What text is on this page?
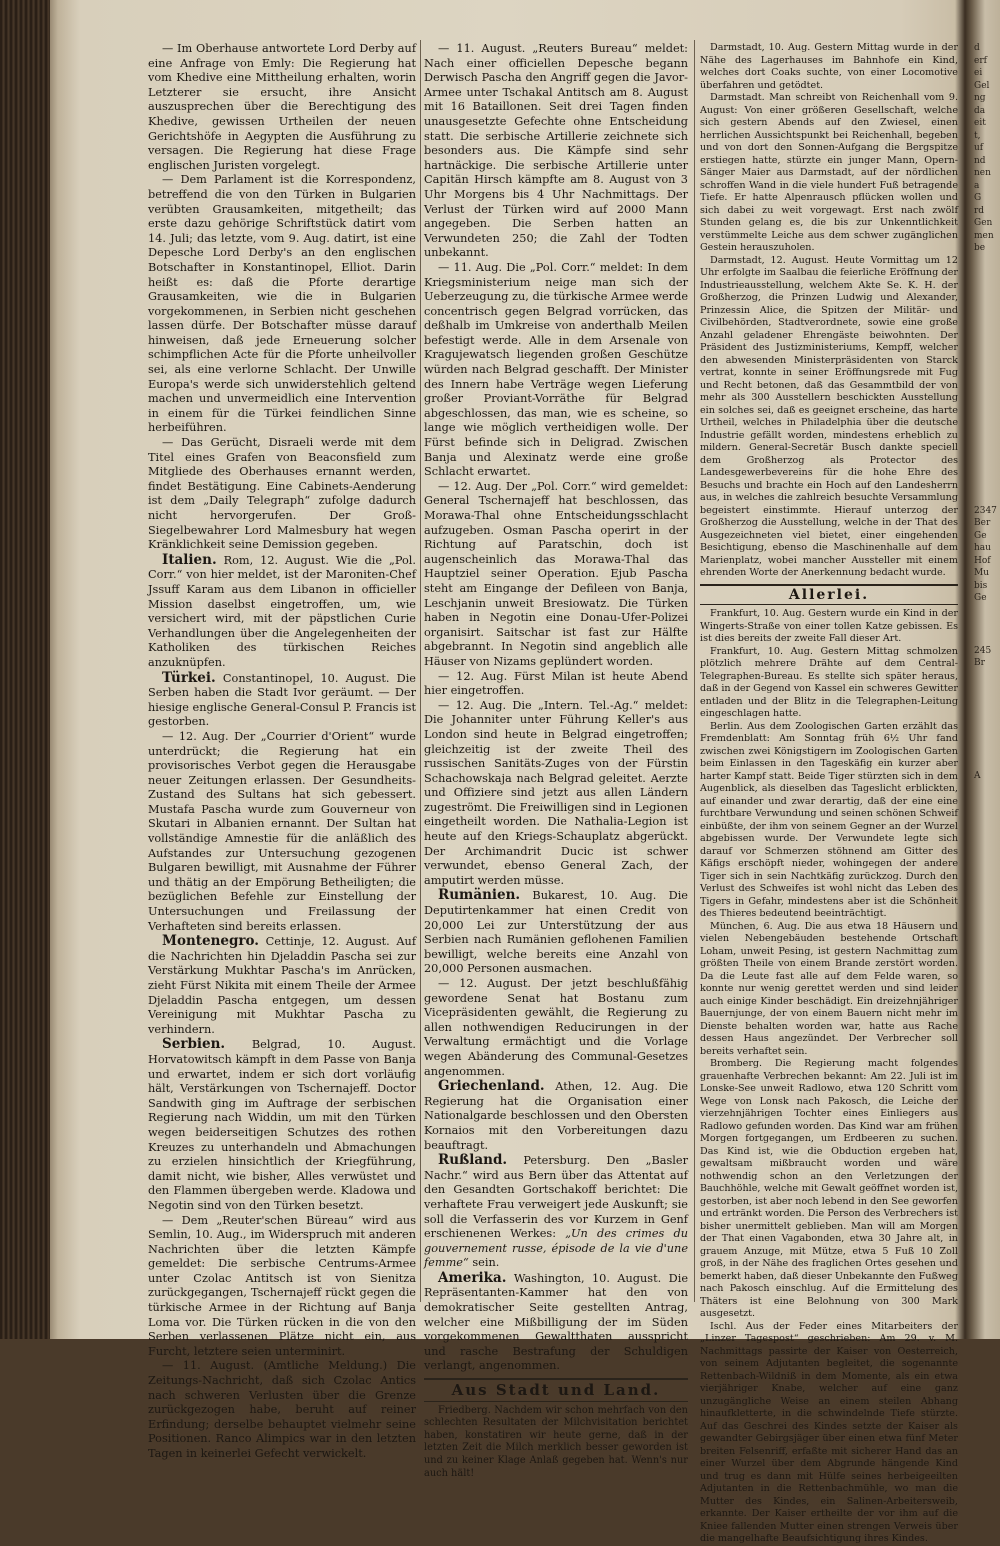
— Im Oberhause antwortete Lord Derby auf eine Anfrage von Emly: Die Regierung hat vom Khedive eine Mittheilung erhalten, worin Letzterer sie ersucht, ihre Ansicht auszusprechen über die Berechtigung des Khedive, gewissen Urtheilen der neuen Gerichtshöfe in Aegypten die Ausführung zu versagen. Die Regierung hat diese Frage englischen Juristen vorgelegt.

— Dem Parlament ist die Korrespondenz, betreffend die von den Türken in Bulgarien verübten Grausamkeiten, mitgetheilt; das erste dazu gehörige Schriftstück datirt vom 14. Juli; das letzte, vom 9. Aug. datirt, ist eine Depesche Lord Derby's an den englischen Botschafter in Konstantinopel, Elliot. Darin heißt es: daß die Pforte derartige Grausamkeiten, wie die in Bulgarien vorgekommenen, in Serbien nicht geschehen lassen dürfe. Der Botschafter müsse darauf hinweisen, daß jede Erneuerung solcher schimpflichen Acte für die Pforte unheilvoller sei, als eine verlorne Schlacht. Der Unwille Europa's werde sich unwiderstehlich geltend machen und unvermeidlich eine Intervention in einem für die Türkei feindlichen Sinne herbeiführen.

— Das Gerücht, Disraeli werde mit dem Titel eines Grafen von Beaconsfield zum Mitgliede des Oberhauses ernannt werden, findet Bestätigung. Eine Cabinets-Aenderung ist dem „Daily Telegraph“ zufolge dadurch nicht hervorgerufen. Der Groß-Siegelbewahrer Lord Malmesbury hat wegen Kränklichkeit seine Demission gegeben.

Italien. Rom, 12. August. Wie die „Pol. Corr.“ von hier meldet, ist der Maroniten-Chef Jssuff Karam aus dem Libanon in officieller Mission daselbst eingetroffen, um, wie versichert wird, mit der päpstlichen Curie Verhandlungen über die Angelegenheiten der Katholiken des türkischen Reiches anzuknüpfen.

Türkei. Constantinopel, 10. August. Die Serben haben die Stadt Ivor geräumt. — Der hiesige englische General-Consul P. Francis ist gestorben.

— 12. Aug. Der „Courrier d'Orient“ wurde unterdrückt; die Regierung hat ein provisorisches Verbot gegen die Herausgabe neuer Zeitungen erlassen. Der Gesundheits-Zustand des Sultans hat sich gebessert. Mustafa Pascha wurde zum Gouverneur von Skutari in Albanien ernannt. Der Sultan hat vollständige Amnestie für die anläßlich des Aufstandes zur Untersuchung gezogenen Bulgaren bewilligt, mit Ausnahme der Führer und thätig an der Empörung Betheiligten; die bezüglichen Befehle zur Einstellung der Untersuchungen und Freilassung der Verhafteten sind bereits erlassen.

Montenegro. Cettinje, 12. August. Auf die Nachrichten hin Djeladdin Pascha sei zur Verstärkung Mukhtar Pascha's im Anrücken, zieht Fürst Nikita mit einem Theile der Armee Djeladdin Pascha entgegen, um dessen Vereinigung mit Mukhtar Pascha zu verhindern.

Serbien. Belgrad, 10. August. Horvatowitsch kämpft in dem Passe von Banja und erwartet, indem er sich dort vorläufig hält, Verstärkungen von Tschernajeff. Doctor Sandwith ging im Auftrage der serbischen Regierung nach Widdin, um mit den Türken wegen beiderseitigen Schutzes des rothen Kreuzes zu unterhandeln und Abmachungen zu erzielen hinsichtlich der Kriegführung, damit nicht, wie bisher, Alles verwüstet und den Flammen übergeben werde. Kladowa und Negotin sind von den Türken besetzt.

— Dem „Reuter'schen Büreau“ wird aus Semlin, 10. Aug., im Widerspruch mit anderen Nachrichten über die letzten Kämpfe gemeldet: Die serbische Centrums-Armee unter Czolac Antitsch ist von Sienitza zurückgegangen, Tschernajeff rückt gegen die türkische Armee in der Richtung auf Banja Loma vor. Die Türken rücken in die von den Serben verlassenen Plätze nicht ein, aus Furcht, letztere seien unterminirt.

— 11. August. (Amtliche Meldung.) Die Zeitungs-Nachricht, daß sich Czolac Antics nach schweren Verlusten über die Grenze zurückgezogen habe, beruht auf reiner Erfindung; derselbe behauptet vielmehr seine Positionen. Ranco Alimpics war in den letzten Tagen in keinerlei Gefecht verwickelt.

— 11. August. „Reuters Bureau“ meldet: Nach einer officiellen Depesche begann Derwisch Pascha den Angriff gegen die Javor-Armee unter Tschakal Antitsch am 8. August mit 16 Bataillonen. Seit drei Tagen finden unausgesetzte Gefechte ohne Entscheidung statt. Die serbische Artillerie zeichnete sich besonders aus. Die Kämpfe sind sehr hartnäckige. Die serbische Artillerie unter Capitän Hirsch kämpfte am 8. August von 3 Uhr Morgens bis 4 Uhr Nachmittags. Der Verlust der Türken wird auf 2000 Mann angegeben. Die Serben hatten an Verwundeten 250; die Zahl der Todten unbekannt.

— 11. Aug. Die „Pol. Corr.“ meldet: In dem Kriegsministerium neige man sich der Ueberzeugung zu, die türkische Armee werde concentrisch gegen Belgrad vorrücken, das deßhalb im Umkreise von anderthalb Meilen befestigt werde. Alle in dem Arsenale von Kragujewatsch liegenden großen Geschütze würden nach Belgrad geschafft. Der Minister des Innern habe Verträge wegen Lieferung großer Proviant-Vorräthe für Belgrad abgeschlossen, das man, wie es scheine, so lange wie möglich vertheidigen wolle. Der Fürst befinde sich in Deligrad. Zwischen Banja und Alexinatz werde eine große Schlacht erwartet.

— 12. Aug. Der „Pol. Corr.“ wird gemeldet: General Tschernajeff hat beschlossen, das Morawa-Thal ohne Entscheidungsschlacht aufzugeben. Osman Pascha operirt in der Richtung auf Paratschin, doch ist augenscheinlich das Morawa-Thal das Hauptziel seiner Operation. Ejub Pascha steht am Eingange der Defileen von Banja, Leschjanin unweit Bresiowatz. Die Türken haben in Negotin eine Donau-Ufer-Polizei organisirt. Saitschar ist fast zur Hälfte abgebrannt. In Negotin sind angeblich alle Häuser von Nizams geplündert worden.

— 12. Aug. Fürst Milan ist heute Abend hier eingetroffen.

— 12. Aug. Die „Intern. Tel.-Ag.“ meldet: Die Johanniter unter Führung Keller's aus London sind heute in Belgrad eingetroffen; gleichzeitig ist der zweite Theil des russischen Sanitäts-Zuges von der Fürstin Schachowskaja nach Belgrad geleitet. Aerzte und Offiziere sind jetzt aus allen Ländern zugeströmt. Die Freiwilligen sind in Legionen eingetheilt worden. Die Nathalia-Legion ist heute auf den Kriegs-Schauplatz abgerückt. Der Archimandrit Ducic ist schwer verwundet, ebenso General Zach, der amputirt werden müsse.

Rumänien. Bukarest, 10. Aug. Die Deputirtenkammer hat einen Credit von 20,000 Lei zur Unterstützung der aus Serbien nach Rumänien geflohenen Familien bewilligt, welche bereits eine Anzahl von 20,000 Personen ausmachen.

— 12. August. Der jetzt beschlußfähig gewordene Senat hat Bostanu zum Vicepräsidenten gewählt, die Regierung zu allen nothwendigen Reducirungen in der Verwaltung ermächtigt und die Vorlage wegen Abänderung des Communal-Gesetzes angenommen.

Griechenland. Athen, 12. Aug. Die Regierung hat die Organisation einer Nationalgarde beschlossen und den Obersten Kornaios mit den Vorbereitungen dazu beauftragt.

Rußland. Petersburg. Den „Basler Nachr.“ wird aus Bern über das Attentat auf den Gesandten Gortschakoff berichtet: Die verhaftete Frau verweigert jede Auskunft; sie soll die Verfasserin des vor Kurzem in Genf erschienenen Werkes: „Un des crimes du gouvernement russe, épisode de la vie d'une femme“ sein.

Amerika. Washington, 10. August. Die Repräsentanten-Kammer hat den von demokratischer Seite gestellten Antrag, welcher eine Mißbilligung der im Süden vorgekommenen Gewaltthaten ausspricht und rasche Bestrafung der Schuldigen verlangt, angenommen.

Aus Stadt und Land.

Friedberg. Nachdem wir schon mehrfach von den schlechten Resultaten der Milchvisitation berichtet haben, konstatiren wir heute gerne, daß in der letzten Zeit die Milch merklich besser geworden ist und zu keiner Klage Anlaß gegeben hat. Wenn's nur auch hält!

Darmstadt, 10. Aug. Gestern Mittag wurde in der Nähe des Lagerhauses im Bahnhofe ein Kind, welches dort Coaks suchte, von einer Locomotive überfahren und getödtet.

Darmstadt. Man schreibt von Reichenhall vom 9. August: Von einer größeren Gesellschaft, welche sich gestern Abends auf den Zwiesel, einen herrlichen Aussichtspunkt bei Reichenhall, begeben und von dort den Sonnen-Aufgang die Bergspitze erstiegen hatte, stürzte ein junger Mann, Opern-Sänger Maier aus Darmstadt, auf der nördlichen schroffen Wand in die viele hundert Fuß betragende Tiefe. Er hatte Alpenrausch pflücken wollen und sich dabei zu weit vorgewagt. Erst nach zwölf Stunden gelang es, die bis zur Unkenntlichkeit verstümmelte Leiche aus dem schwer zugänglichen Gestein herauszuholen.

Darmstadt, 12. August. Heute Vormittag um 12 Uhr erfolgte im Saalbau die feierliche Eröffnung der Industrieausstellung, welchem Akte Se. K. H. der Großherzog, die Prinzen Ludwig und Alexander, Prinzessin Alice, die Spitzen der Militär- und Civilbehörden, Stadtverordnete, sowie eine große Anzahl geladener Ehrengäste beiwohnten. Der Präsident des Justizministeriums, Kempff, welcher den abwesenden Ministerpräsidenten von Starck vertrat, konnte in seiner Eröffnungsrede mit Fug und Recht betonen, daß das Gesammtbild der von mehr als 300 Ausstellern beschickten Ausstellung ein solches sei, daß es geeignet erscheine, das harte Urtheil, welches in Philadelphia über die deutsche Industrie gefällt worden, mindestens erheblich zu mildern. General-Secretär Busch dankte speciell dem Großherzog als Protector des Landesgewerbevereins für die hohe Ehre des Besuchs und brachte ein Hoch auf den Landesherrn aus, in welches die zahlreich besuchte Versammlung begeistert einstimmte. Hierauf unterzog der Großherzog die Ausstellung, welche in der That des Ausgezeichneten viel bietet, einer eingehenden Besichtigung, ebenso die Maschinenhalle auf dem Marienplatz, wobei mancher Aussteller mit einem ehrenden Worte der Anerkennung bedacht wurde.

Allerlei.

Frankfurt, 10. Aug. Gestern wurde ein Kind in der Wingerts-Straße von einer tollen Katze gebissen. Es ist dies bereits der zweite Fall dieser Art.

Frankfurt, 10. Aug. Gestern Mittag schmolzen plötzlich mehrere Drähte auf dem Central-Telegraphen-Bureau. Es stellte sich später heraus, daß in der Gegend von Kassel ein schweres Gewitter entladen und der Blitz in die Telegraphen-Leitung eingeschlagen hatte.

Berlin. Aus dem Zoologischen Garten erzählt das Fremdenblatt: Am Sonntag früh 6½ Uhr fand zwischen zwei Königstigern im Zoologischen Garten beim Einlassen in den Tageskäfig ein kurzer aber harter Kampf statt. Beide Tiger stürzten sich in dem Augenblick, als dieselben das Tageslicht erblickten, auf einander und zwar derartig, daß der eine eine furchtbare Verwundung und seinen schönen Schweif einbüßte, der ihm von seinem Gegner an der Wurzel abgebissen wurde. Der Verwundete legte sich darauf vor Schmerzen stöhnend am Gitter des Käfigs erschöpft nieder, wohingegen der andere Tiger sich in sein Nachtkäfig zurückzog. Durch den Verlust des Schweifes ist wohl nicht das Leben des Tigers in Gefahr, mindestens aber ist die Schönheit des Thieres bedeutend beeinträchtigt.

München, 6. Aug. Die aus etwa 18 Häusern und vielen Nebengebäuden bestehende Ortschaft Loham, unweit Pesing, ist gestern Nachmittag zum größten Theile von einem Brande zerstört worden. Da die Leute fast alle auf dem Felde waren, so konnte nur wenig gerettet werden und sind leider auch einige Kinder beschädigt. Ein dreizehnjähriger Bauernjunge, der von einem Bauern nicht mehr im Dienste behalten worden war, hatte aus Rache dessen Haus angezündet. Der Verbrecher soll bereits verhaftet sein.

Bromberg. Die Regierung macht folgendes grauenhafte Verbrechen bekannt: Am 22. Juli ist im Lonske-See unweit Radlowo, etwa 120 Schritt vom Wege von Lonsk nach Pakosch, die Leiche der vierzehnjährigen Tochter eines Einliegers aus Radlowo gefunden worden. Das Kind war am frühen Morgen fortgegangen, um Erdbeeren zu suchen. Das Kind ist, wie die Obduction ergeben hat, gewaltsam mißbraucht worden und wäre nothwendig schon an den Verletzungen der Bauchhöhle, welche mit Gewalt geöffnet worden ist, gestorben, ist aber noch lebend in den See geworfen und ertränkt worden. Die Person des Verbrechers ist bisher unermittelt geblieben. Man will am Morgen der That einen Vagabonden, etwa 30 Jahre alt, in grauem Anzuge, mit Mütze, etwa 5 Fuß 10 Zoll groß, in der Nähe des fraglichen Ortes gesehen und bemerkt haben, daß dieser Unbekannte den Fußweg nach Pakosch einschlug. Auf die Ermittelung des Thäters ist eine Belohnung von 300 Mark ausgesetzt.

Ischl. Aus der Feder eines Mitarbeiters der „Linzer Tagespost“ geschrieben: Am 29. v. M. Nachmittags passirte der Kaiser von Oesterreich, von seinem Adjutanten begleitet, die sogenannte Rettenbach-Wildniß in dem Momente, als ein etwa vierjähriger Knabe, welcher auf eine ganz unzugängliche Weise an einem steilen Abhang hinaufkletterte, in die schwindelnde Tiefe stürzte. Auf das Geschrei des Kindes setzte der Kaiser als gewandter Gebirgsjäger über einen etwa fünf Meter breiten Felsenriff, erfaßte mit sicherer Hand das an einer Wurzel über dem Abgrunde hängende Kind und trug es dann mit Hülfe seines herbeigeeilten Adjutanten in die Rettenbachmühle, wo man die Mutter des Kindes, ein Salinen-Arbeitersweib, erkannte. Der Kaiser ertheilte der vor ihm auf die Kniee fallenden Mutter einen strengen Verweis über die mangelhafte Beaufsichtigung ihres Kindes.

d
erf
ei
Gel
ng
da
eit
t,
uf
nd
nen
a
G
rd
Gen
men
be
2347
Ber
Ge
hau
Hof
Mu
bis
Ge
245
Br
A
